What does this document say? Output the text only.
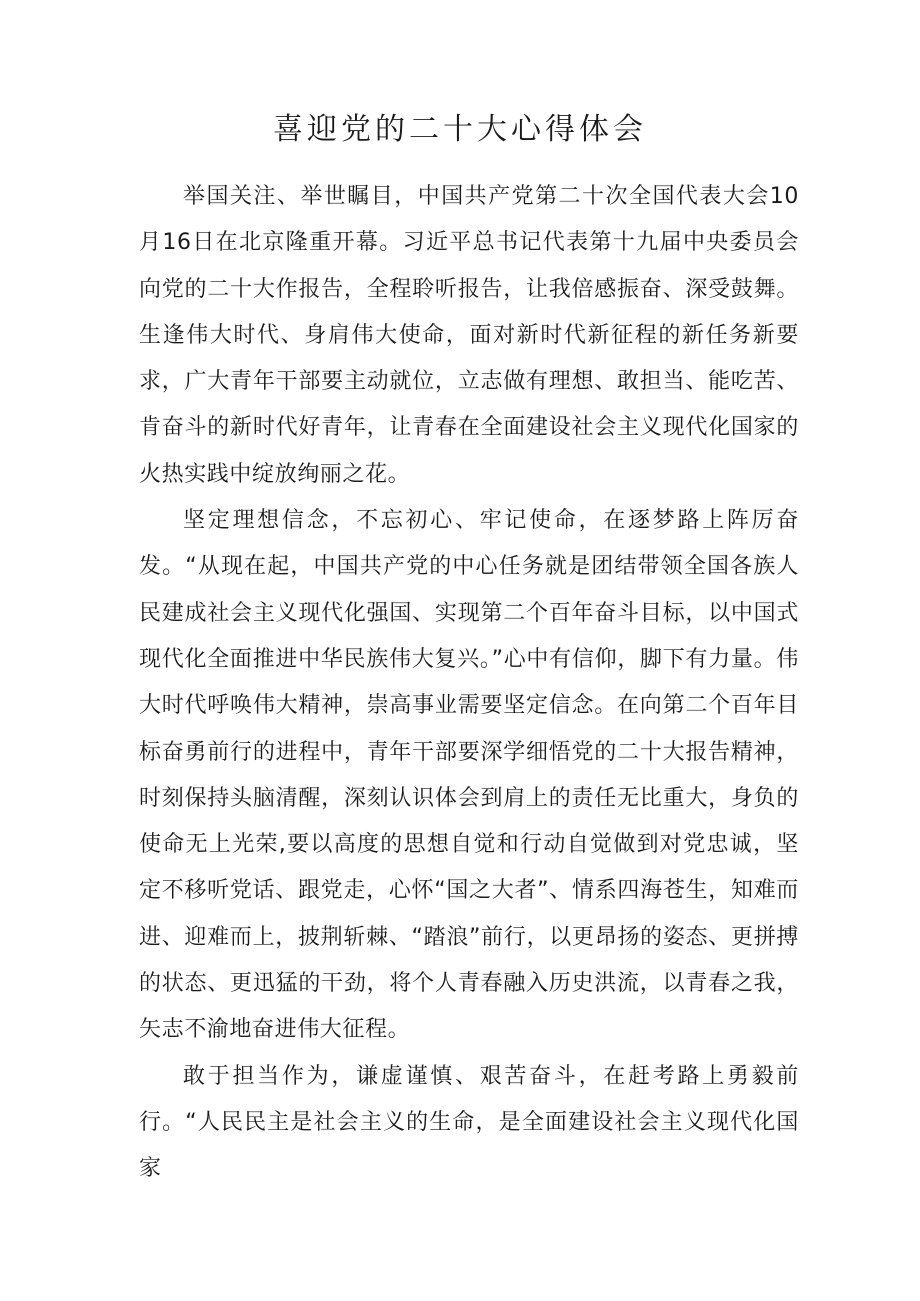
喜迎党的二十大心得体会

举国关注、举世瞩目，中国共产党第二十次全国代表大会10月16日在北京隆重开幕。习近平总书记代表第十九届中央委员会向党的二十大作报告，全程聆听报告，让我倍感振奋、深受鼓舞。生逢伟大时代、身肩伟大使命，面对新时代新征程的新任务新要求，广大青年干部要主动就位，立志做有理想、敢担当、能吃苦、肯奋斗的新时代好青年，让青春在全面建设社会主义现代化国家的火热实践中绽放绚丽之花。

坚定理想信念，不忘初心、牢记使命，在逐梦路上阵厉奋发。“从现在起，中国共产党的中心任务就是团结带领全国各族人民建成社会主义现代化强国、实现第二个百年奋斗目标，以中国式现代化全面推进中华民族伟大复兴。”心中有信仰，脚下有力量。伟大时代呼唤伟大精神，崇高事业需要坚定信念。在向第二个百年目标奋勇前行的进程中，青年干部要深学细悟党的二十大报告精神，时刻保持头脑清醒，深刻认识体会到肩上的责任无比重大，身负的使命无上光荣,要以高度的思想自觉和行动自觉做到对党忠诚，坚定不移听党话、跟党走，心怀“国之大者”、情系四海苍生，知难而进、迎难而上，披荆斩棘、“踏浪”前行，以更昂扬的姿态、更拼搏的状态、更迅猛的干劲，将个人青春融入历史洪流，以青春之我，矢志不渝地奋进伟大征程。

敢于担当作为，谦虚谨慎、艰苦奋斗，在赶考路上勇毅前行。“人民民主是社会主义的生命，是全面建设社会主义现代化国家
